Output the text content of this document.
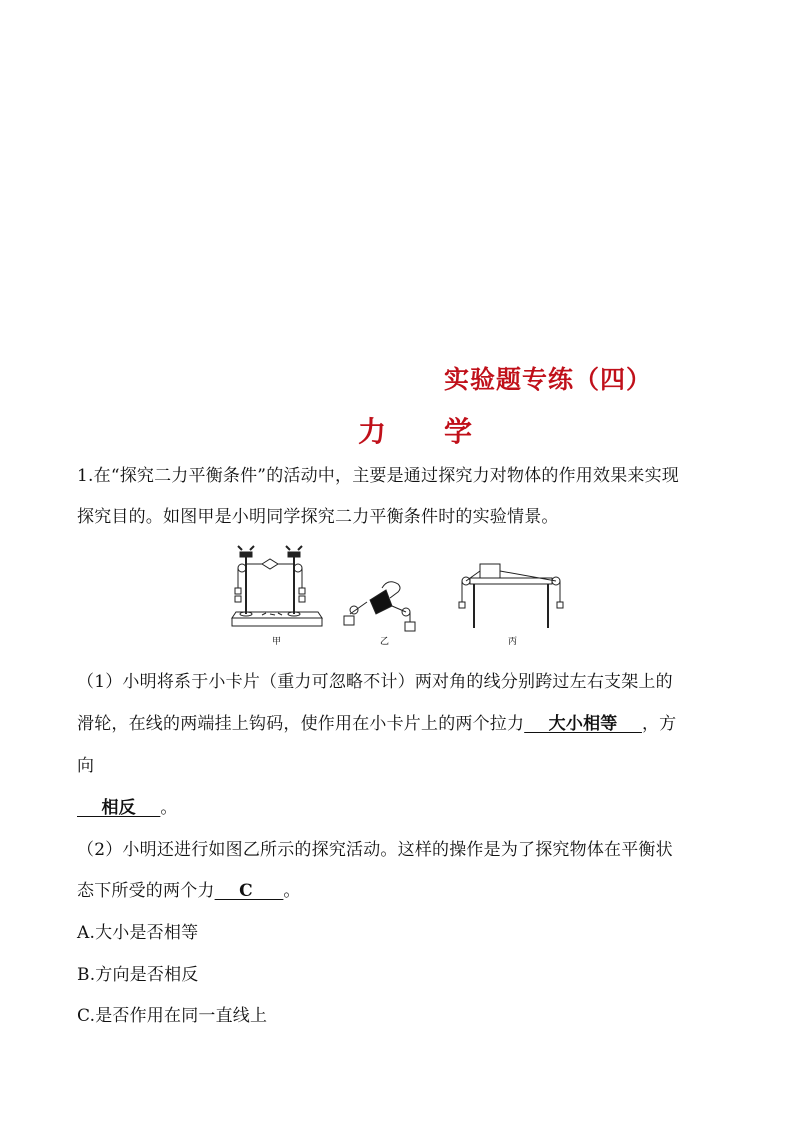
实验题专练（四）
力 学
1.在“探究二力平衡条件”的活动中，主要是通过探究力对物体的作用效果来实现
探究目的。如图甲是小明同学探究二力平衡条件时的实验情景。
甲	乙	丙
（1）小明将系于小卡片（重力可忽略不计）两对角的线分别跨过左右支架上的
滑轮，在线的两端挂上钩码，使作用在小卡片上的两个拉力    大小相等    ，方
向
相反    。
（2）小明还进行如图乙所示的探究活动。这样的操作是为了探究物体在平衡状
态下所受的两个力    C     。
A.大小是否相等
B.方向是否相反
C.是否作用在同一直线上
